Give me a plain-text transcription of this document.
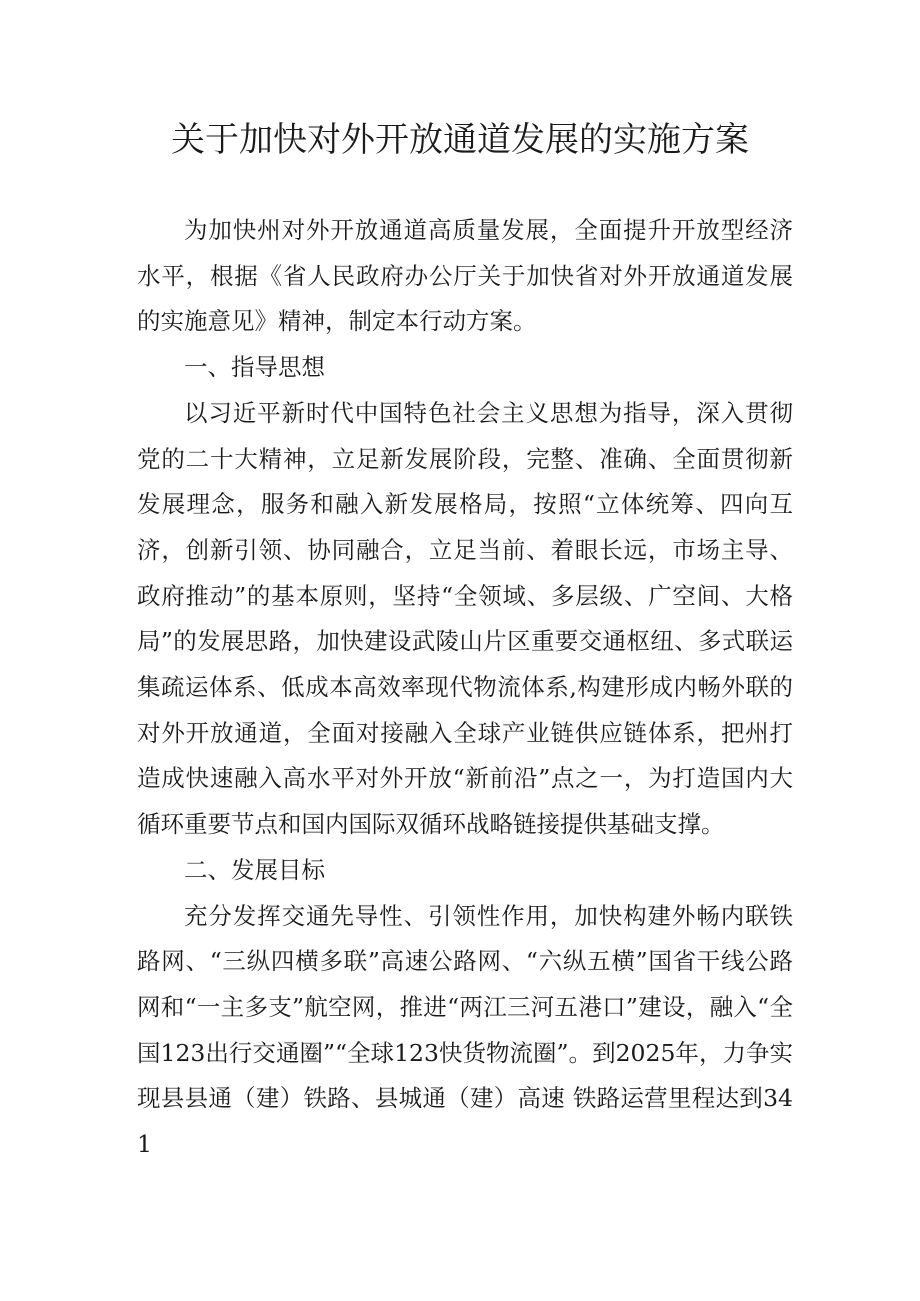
关于加快对外开放通道发展的实施方案

为加快州对外开放通道高质量发展，全面提升开放型经济水平，根据《省人民政府办公厅关于加快省对外开放通道发展的实施意见》精神，制定本行动方案。

一、指导思想

以习近平新时代中国特色社会主义思想为指导，深入贯彻党的二十大精神，立足新发展阶段，完整、准确、全面贯彻新发展理念，服务和融入新发展格局，按照“立体统筹、四向互济，创新引领、协同融合，立足当前、着眼长远，市场主导、政府推动”的基本原则，坚持“全领域、多层级、广空间、大格局”的发展思路，加快建设武陵山片区重要交通枢纽、多式联运集疏运体系、低成本高效率现代物流体系,构建形成内畅外联的对外开放通道，全面对接融入全球产业链供应链体系，把州打造成快速融入高水平对外开放“新前沿”点之一，为打造国内大循环重要节点和国内国际双循环战略链接提供基础支撑。

二、发展目标

充分发挥交通先导性、引领性作用，加快构建外畅内联铁路网、“三纵四横多联”高速公路网、“六纵五横”国省干线公路网和“一主多支”航空网，推进“两江三河五港口”建设，融入“全国123出行交通圈”“全球123快货物流圈”。到2025年，力争实现县县通（建）铁路、县城通（建）高速 铁路运营里程达到341
